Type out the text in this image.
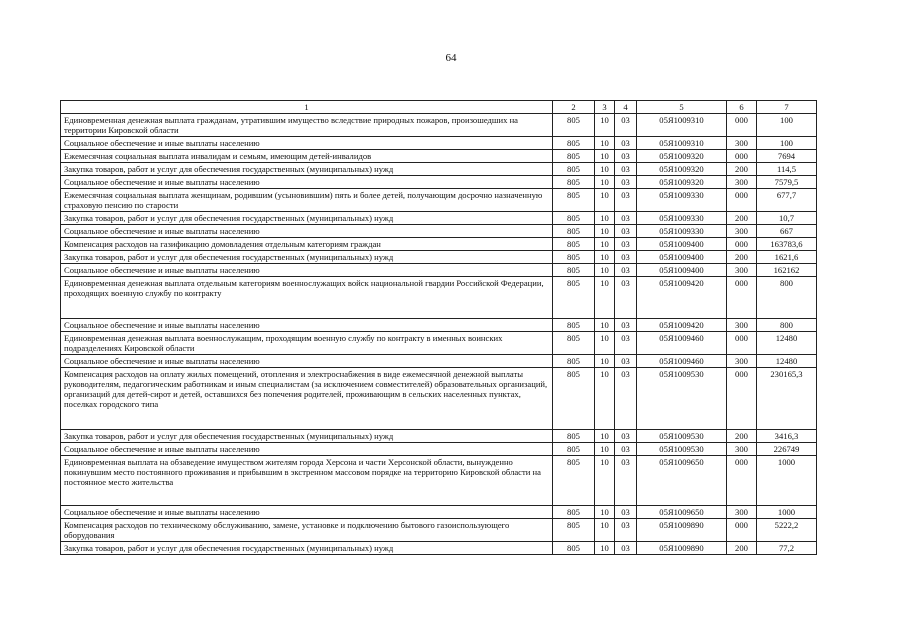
64
1	2	3	4	5	6	7
Единовременная денежная выплата гражданам, утратившим имущество вследствие природных пожаров, произошедших на территории Кировской области	805	10	03	05Я1009310	000	100
Социальное обеспечение и иные выплаты населению	805	10	03	05Я1009310	300	100
Ежемесячная социальная выплата инвалидам и семьям, имеющим детей-инвалидов	805	10	03	05Я1009320	000	7694
Закупка товаров, работ и услуг для обеспечения государственных (муниципальных) нужд	805	10	03	05Я1009320	200	114,5
Социальное обеспечение и иные выплаты населению	805	10	03	05Я1009320	300	7579,5
Ежемесячная социальная выплата женщинам, родившим (усыновившим) пять и более детей, получающим досрочно назначенную страховую пенсию по старости	805	10	03	05Я1009330	000	677,7
Закупка товаров, работ и услуг для обеспечения государственных (муниципальных) нужд	805	10	03	05Я1009330	200	10,7
Социальное обеспечение и иные выплаты населению	805	10	03	05Я1009330	300	667
Компенсация расходов на газификацию домовладения отдельным категориям граждан	805	10	03	05Я1009400	000	163783,6
Закупка товаров, работ и услуг для обеспечения государственных (муниципальных) нужд	805	10	03	05Я1009400	200	1621,6
Социальное обеспечение и иные выплаты населению	805	10	03	05Я1009400	300	162162
Единовременная денежная выплата отдельным категориям военнослужащих войск национальной гвардии Российской Федерации, проходящих военную службу по контракту	805	10	03	05Я1009420	000	800
Социальное обеспечение и иные выплаты населению	805	10	03	05Я1009420	300	800
Единовременная денежная выплата военнослужащим, проходящим военную службу по контракту в именных воинских подразделениях Кировской области	805	10	03	05Я1009460	000	12480
Социальное обеспечение и иные выплаты населению	805	10	03	05Я1009460	300	12480
Компенсация расходов на оплату жилых помещений, отопления и электроснабжения в виде ежемесячной денежной выплаты руководителям, педагогическим работникам и иным специалистам (за исключением совместителей) образовательных организаций, организаций для детей-сирот и детей, оставшихся без попечения родителей, проживающим в сельских населенных пунктах, поселках городского типа	805	10	03	05Я1009530	000	230165,3
Закупка товаров, работ и услуг для обеспечения государственных (муниципальных) нужд	805	10	03	05Я1009530	200	3416,3
Социальное обеспечение и иные выплаты населению	805	10	03	05Я1009530	300	226749
Единовременная выплата на обзаведение имуществом жителям города Херсона и части Херсонской области, вынужденно покинувшим место постоянного проживания и прибывшим в экстренном массовом порядке на территорию Кировской области на постоянное место жительства	805	10	03	05Я1009650	000	1000
Социальное обеспечение и иные выплаты населению	805	10	03	05Я1009650	300	1000
Компенсация расходов по техническому обслуживанию, замене, установке и подключению бытового газоиспользующего оборудования	805	10	03	05Я1009890	000	5222,2
Закупка товаров, работ и услуг для обеспечения государственных (муниципальных) нужд	805	10	03	05Я1009890	200	77,2
